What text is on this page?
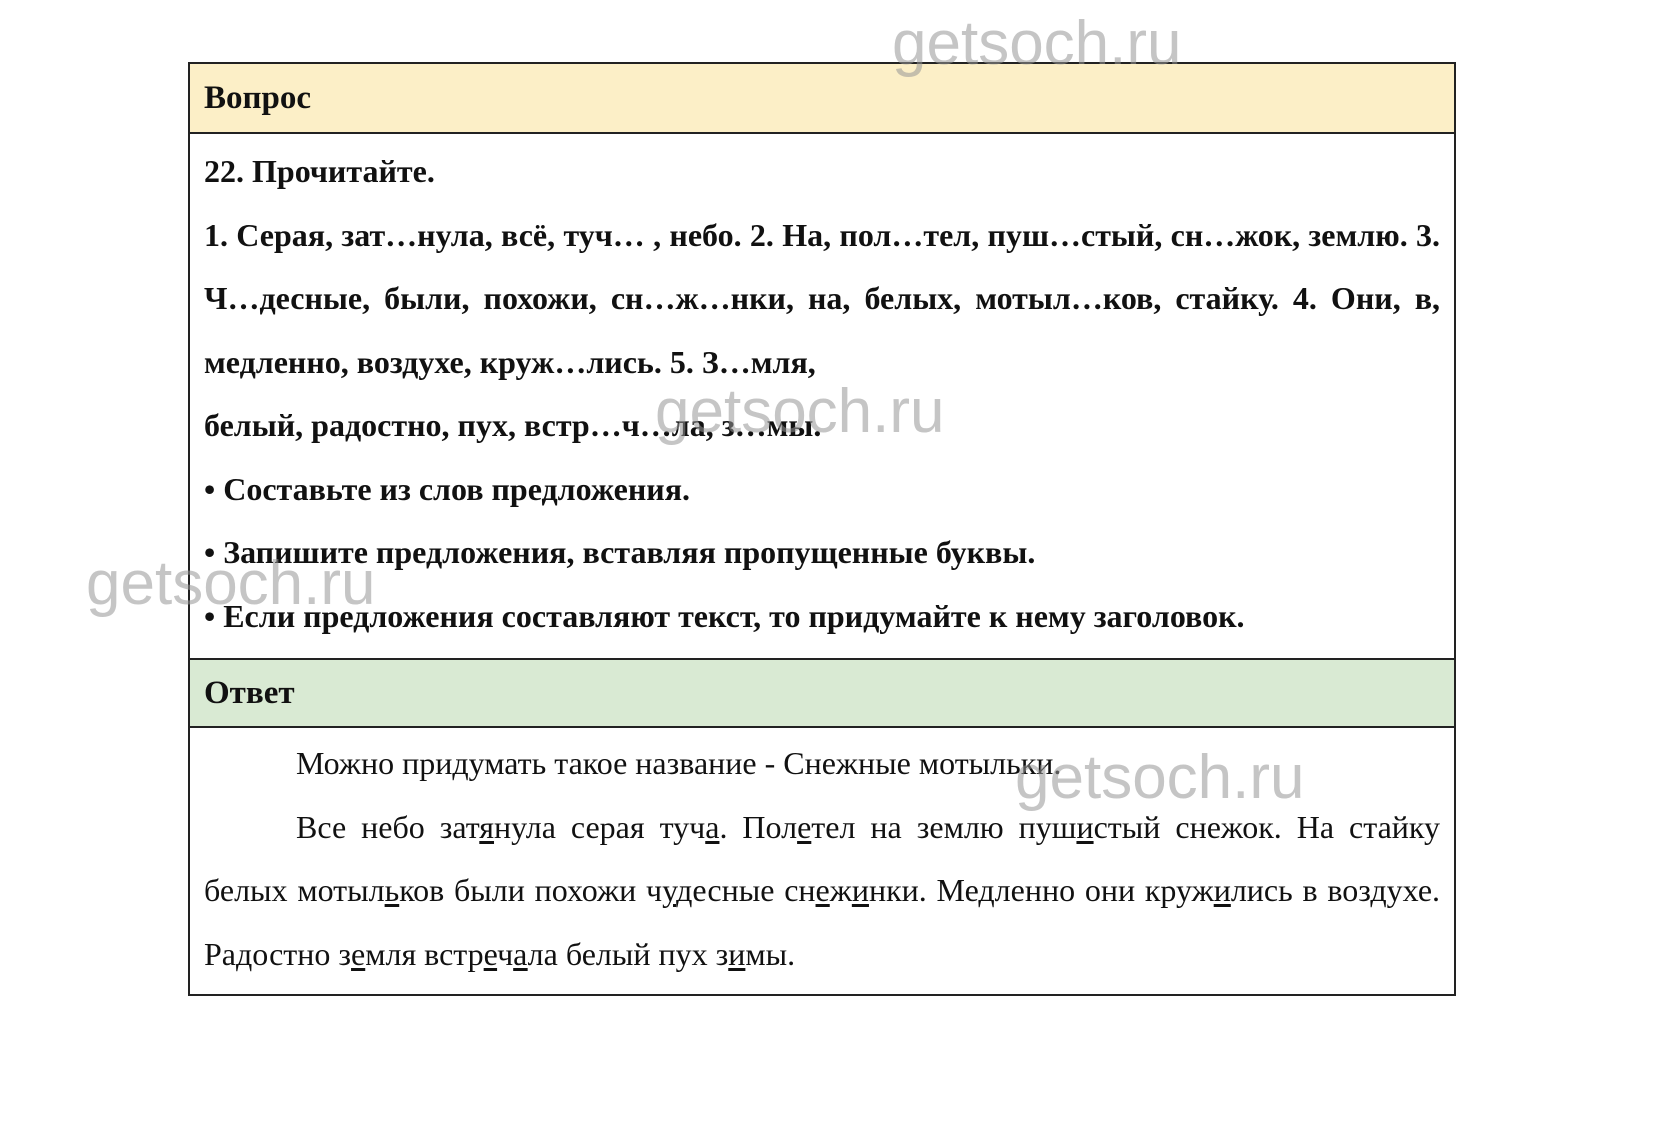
Вопрос
22. Прочитайте.
1. Серая, зат…нула, всё, туч… , небо. 2. На, пол…тел, пуш…стый, сн…жок, землю. 3. Ч…десные, были, похожи, сн…ж…нки, на, белых, мотыл…ков, стайку. 4. Они, в, медленно, воздухе, круж…лись. 5. З…мля,
белый, радостно, пух, встр…ч…ла, з…мы.
• Составьте из слов предложения.
• Запишите предложения, вставляя пропущенные буквы.
• Если предложения составляют текст, то придумайте к нему заголовок.
Ответ
Можно придумать такое название - Снежные мотыльки.
Все небо затянула серая туча. Полетел на землю пушистый снежок. На стайку белых мотыльков были похожи чудесные снежинки. Медленно они кружились в воздухе. Радостно земля встречала белый пух зимы.
getsoch.ru
getsoch.ru
getsoch.ru
getsoch.ru
